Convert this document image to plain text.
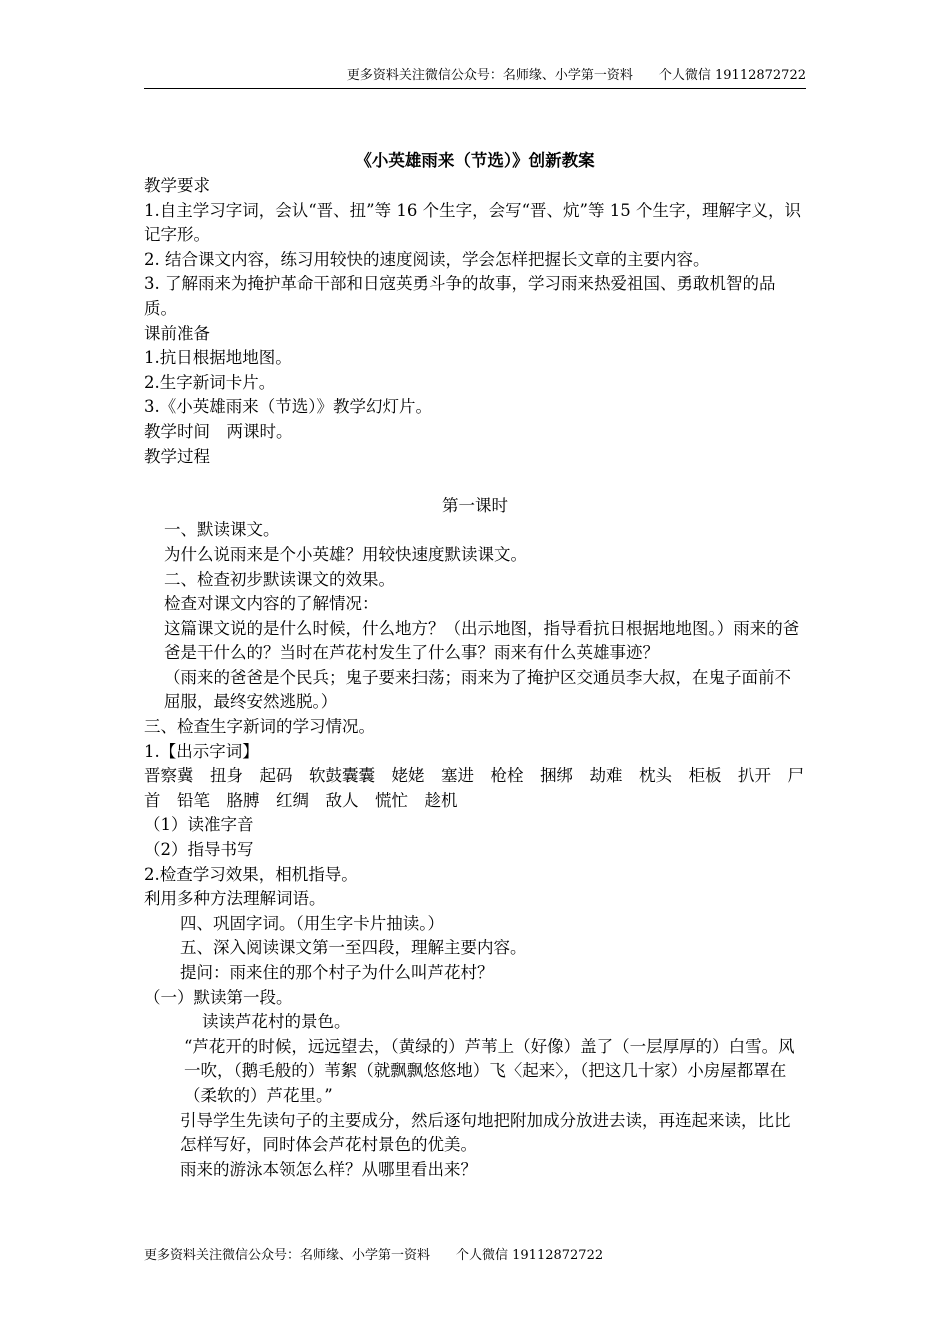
更多资料关注微信公众号：名师缘、小学第一资料　　个人微信 19112872722
《小英雄雨来（节选）》创新教案

教学要求

1.自主学习字词，会认“晋、扭”等 16 个生字，会写“晋、炕”等 15 个生字，理解字义，识记字形。

2. 结合课文内容，练习用较快的速度阅读，学会怎样把握长文章的主要内容。

3. 了解雨来为掩护革命干部和日寇英勇斗争的故事，学习雨来热爱祖国、勇敢机智的品质。

课前准备

1.抗日根据地地图。

2.生字新词卡片。

3.《小英雄雨来（节选）》教学幻灯片。

教学时间　两课时。

教学过程

第一课时

一、默读课文。

为什么说雨来是个小英雄？用较快速度默读课文。

二、检查初步默读课文的效果。

检查对课文内容的了解情况：

这篇课文说的是什么时候，什么地方？（出示地图，指导看抗日根据地地图。）雨来的爸爸是干什么的？当时在芦花村发生了什么事？雨来有什么英雄事迹？

（雨来的爸爸是个民兵；鬼子要来扫荡；雨来为了掩护区交通员李大叔，在鬼子面前不屈服，最终安然逃脱。）

三、检查生字新词的学习情况。

1.【出示字词】

晋察冀　扭身　起码　软鼓囊囊　姥姥　塞进　枪栓　捆绑　劫难　枕头　柜板　扒开　尸首　铅笔　胳膊　红绸　敌人　慌忙　趁机

（1）读准字音

（2）指导书写

2.检查学习效果，相机指导。

利用多种方法理解词语。

四、巩固字词。（用生字卡片抽读。）

五、深入阅读课文第一至四段，理解主要内容。

提问：雨来住的那个村子为什么叫芦花村？

（一）默读第一段。

读读芦花村的景色。

“芦花开的时候，远远望去，（黄绿的）芦苇上（好像）盖了（一层厚厚的）白雪。风一吹，（鹅毛般的）苇絮（就飘飘悠悠地）飞〈起来〉，（把这几十家）小房屋都罩在（柔软的）芦花里。”

引导学生先读句子的主要成分，然后逐句地把附加成分放进去读，再连起来读，比比怎样写好，同时体会芦花村景色的优美。

雨来的游泳本领怎么样？从哪里看出来？

更多资料关注微信公众号：名师缘、小学第一资料　　个人微信 19112872722
